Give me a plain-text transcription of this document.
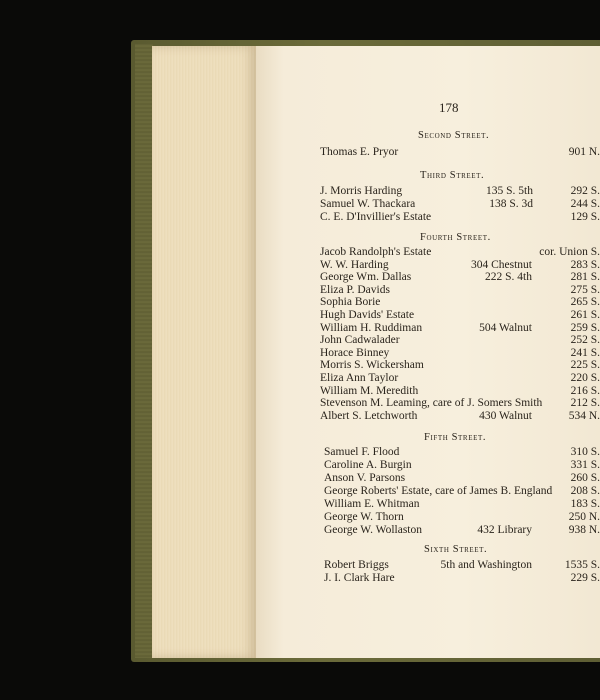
178
Second Street.
Thomas E. Pryor	901 N.
Third Street.
J. Morris Harding	135 S. 5th	292 S.
Samuel W. Thackara	138 S. 3d	244 S.
C. E. D'Invillier's Estate	129 S.
Fourth Street.
Jacob Randolph's Estate	cor. Union S.
W. W. Harding	304 Chestnut	283 S.
George Wm. Dallas	222 S. 4th	281 S.
Eliza P. Davids	275 S.
Sophia Borie	265 S.
Hugh Davids' Estate	261 S.
William H. Ruddiman	504 Walnut	259 S.
John Cadwalader	252 S.
Horace Binney	241 S.
Morris S. Wickersham	225 S.
Eliza Ann Taylor	220 S.
William M. Meredith	216 S.
Stevenson M. Leaming, care of J. Somers Smith	212 S.
Albert S. Letchworth	430 Walnut	534 N.
Fifth Street.
Samuel F. Flood	310 S.
Caroline A. Burgin	331 S.
Anson V. Parsons	260 S.
George Roberts' Estate, care of James B. England	208 S.
William E. Whitman	183 S.
George W. Thorn	250 N.
George W. Wollaston	432 Library	938 N.
Sixth Street.
Robert Briggs	5th and Washington	1535 S.
J. I. Clark Hare	229 S.
